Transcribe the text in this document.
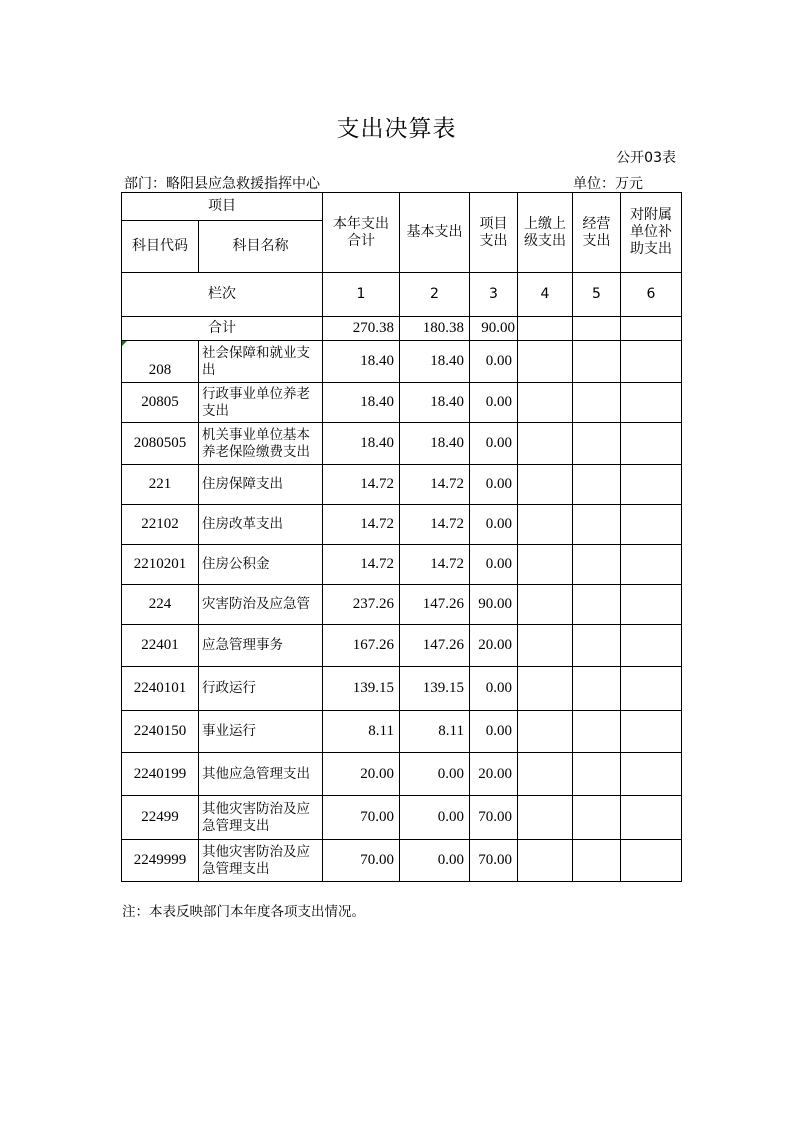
支出决算表
公开03表
部门：略阳县应急救援指挥中心	单位：万元
项目		本年支出合计	基本支出	项目支出	上缴上级支出	经营支出	对附属单位补助支出
科目代码	科目名称						
栏次		1	2	3	4	5	6
合计		270.38	180.38	90.00			
208	社会保障和就业支出	18.40	18.40	0.00			
20805	行政事业单位养老支出	18.40	18.40	0.00			
2080505	机关事业单位基本养老保险缴费支出	18.40	18.40	0.00			
221	住房保障支出	14.72	14.72	0.00			
22102	住房改革支出	14.72	14.72	0.00			
2210201	住房公积金	14.72	14.72	0.00			
224	灾害防治及应急管	237.26	147.26	90.00			
22401	应急管理事务	167.26	147.26	20.00			
2240101	行政运行	139.15	139.15	0.00			
2240150	事业运行	8.11	8.11	0.00			
2240199	其他应急管理支出	20.00	0.00	20.00			
22499	其他灾害防治及应急管理支出	70.00	0.00	70.00			
2249999	其他灾害防治及应急管理支出	70.00	0.00	70.00			
注：本表反映部门本年度各项支出情况。
